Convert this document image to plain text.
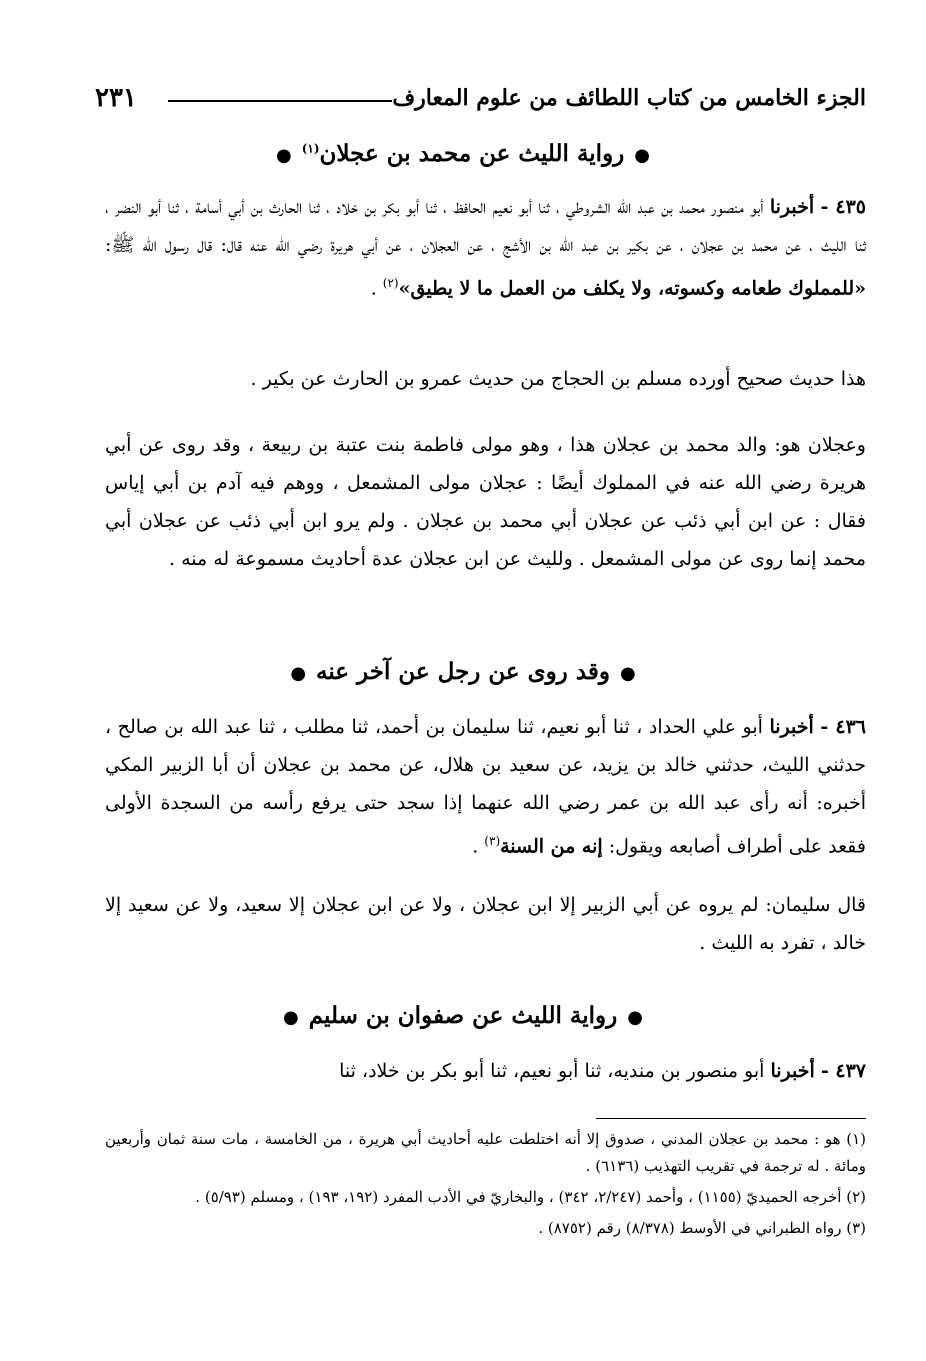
٢٣١	الجزء الخامس من كتاب اللطائف من علوم المعارف
●رواية الليث عن محمد بن عجلان$^{(١)}$●

٤٣٥ - أخبرنا أبو منصور محمد بن عبد الله الشروطي ، ثنا أبو نعيم الحافظ ، ثنا أبو بكر بن خلاد ، ثنا الحارث بن أبي أسامة ، ثنا أبو النضر ، ثنا الليث ، عن محمد بن عجلان ، عن بكير بن عبد الله بن الأشج ، عن العجلان ، عن أبي هريرة رضي الله عنه قال: قال رسول الله ﷺ: «للمملوك طعامه وكسوته، ولا يكلف من العمل ما لا يطيق»$^{(٢)}$ .

هذا حديث صحيح أورده مسلم بن الحجاج من حديث عمرو بن الحارث عن بكير .

وعجلان هو: والد محمد بن عجلان هذا ، وهو مولى فاطمة بنت عتبة بن ربيعة ، وقد روى عن أبي هريرة رضي الله عنه في المملوك أيضًا : عجلان مولى المشمعل ، ووهم فيه آدم بن أبي إياس فقال : عن ابن أبي ذئب عن عجلان أبي محمد بن عجلان . ولم يرو ابن أبي ذئب عن عجلان أبي محمد إنما روى عن مولى المشمعل . ولليث عن ابن عجلان عدة أحاديث مسموعة له منه .

●وقد روى عن رجل عن آخر عنه●

٤٣٦ - أخبرنا أبو علي الحداد ، ثنا أبو نعيم، ثنا سليمان بن أحمد، ثنا مطلب ، ثنا عبد الله بن صالح ، حدثني الليث، حدثني خالد بن يزيد، عن سعيد بن هلال، عن محمد بن عجلان أن أبا الزبير المكي أخبره: أنه رأى عبد الله بن عمر رضي الله عنهما إذا سجد حتى يرفع رأسه من السجدة الأولى فقعد على أطراف أصابعه ويقول: إنه من السنة$^{(٣)}$ .

قال سليمان: لم يروه عن أبي الزبير إلا ابن عجلان ، ولا عن ابن عجلان إلا سعيد، ولا عن سعيد إلا خالد ، تفرد به الليث .

●رواية الليث عن صفوان بن سليم●

٤٣٧ - أخبرنا أبو منصور بن منديه، ثنا أبو نعيم، ثنا أبو بكر بن خلاد، ثنا

(١) هو : محمد بن عجلان المدني ، صدوق إلا أنه اختلطت عليه أحاديث أبي هريرة ، من الخامسة ، مات سنة ثمان وأربعين ومائة . له ترجمة في تقريب التهذيب (٦١٣٦) .

(٢) أخرجه الحميديّ (١١٥٥) ، وأحمد (٢/٢٤٧، ٣٤٢) ، والبخاريّ في الأدب المفرد (١٩٢، ١٩٣) ، ومسلم (٥/٩٣) .

(٣) رواه الطبراني في الأوسط (٨/٣٧٨) رقم (٨٧٥٢) .
